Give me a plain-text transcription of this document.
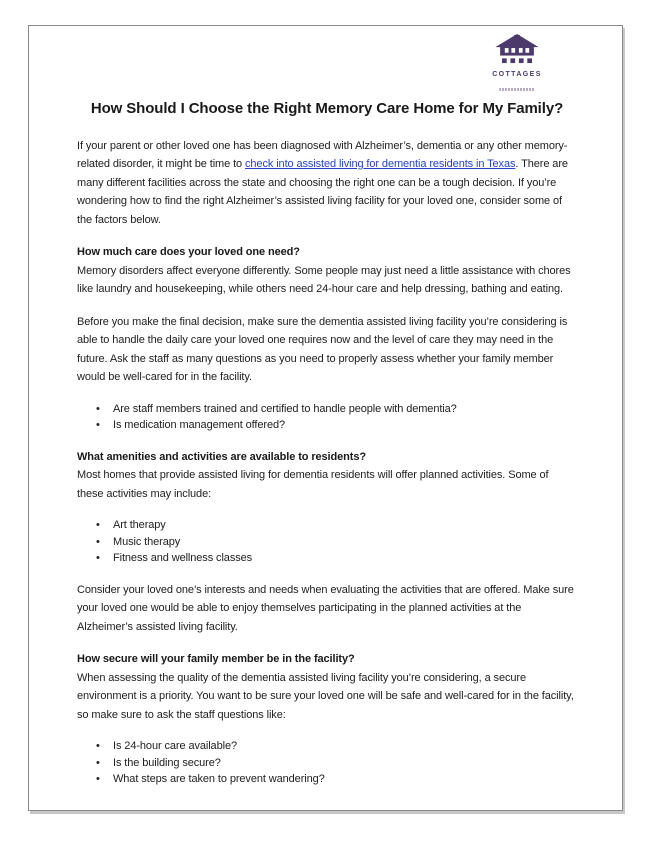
COTTAGES
How Should I Choose the Right Memory Care Home for My Family?

If your parent or other loved one has been diagnosed with Alzheimer’s, dementia or any other memory-related disorder, it might be time to check into assisted living for dementia residents in Texas. There are many different facilities across the state and choosing the right one can be a tough decision. If you’re wondering how to find the right Alzheimer’s assisted living facility for your loved one, consider some of the factors below.

How much care does your loved one need?

Memory disorders affect everyone differently. Some people may just need a little assistance with chores like laundry and housekeeping, while others need 24-hour care and help dressing, bathing and eating.

Before you make the final decision, make sure the dementia assisted living facility you’re considering is able to handle the daily care your loved one requires now and the level of care they may need in the future. Ask the staff as many questions as you need to properly assess whether your family member would be well-cared for in the facility.

• Are staff members trained and certified to handle people with dementia?
• Is medication management offered?
What amenities and activities are available to residents?

Most homes that provide assisted living for dementia residents will offer planned activities. Some of these activities may include:

• Art therapy
• Music therapy
• Fitness and wellness classes

Consider your loved one’s interests and needs when evaluating the activities that are offered. Make sure your loved one would be able to enjoy themselves participating in the planned activities at the Alzheimer’s assisted living facility.

How secure will your family member be in the facility?

When assessing the quality of the dementia assisted living facility you’re considering, a secure environment is a priority. You want to be sure your loved one will be safe and well-cared for in the facility, so make sure to ask the staff questions like:

• Is 24-hour care available?
• Is the building secure?
• What steps are taken to prevent wandering?
